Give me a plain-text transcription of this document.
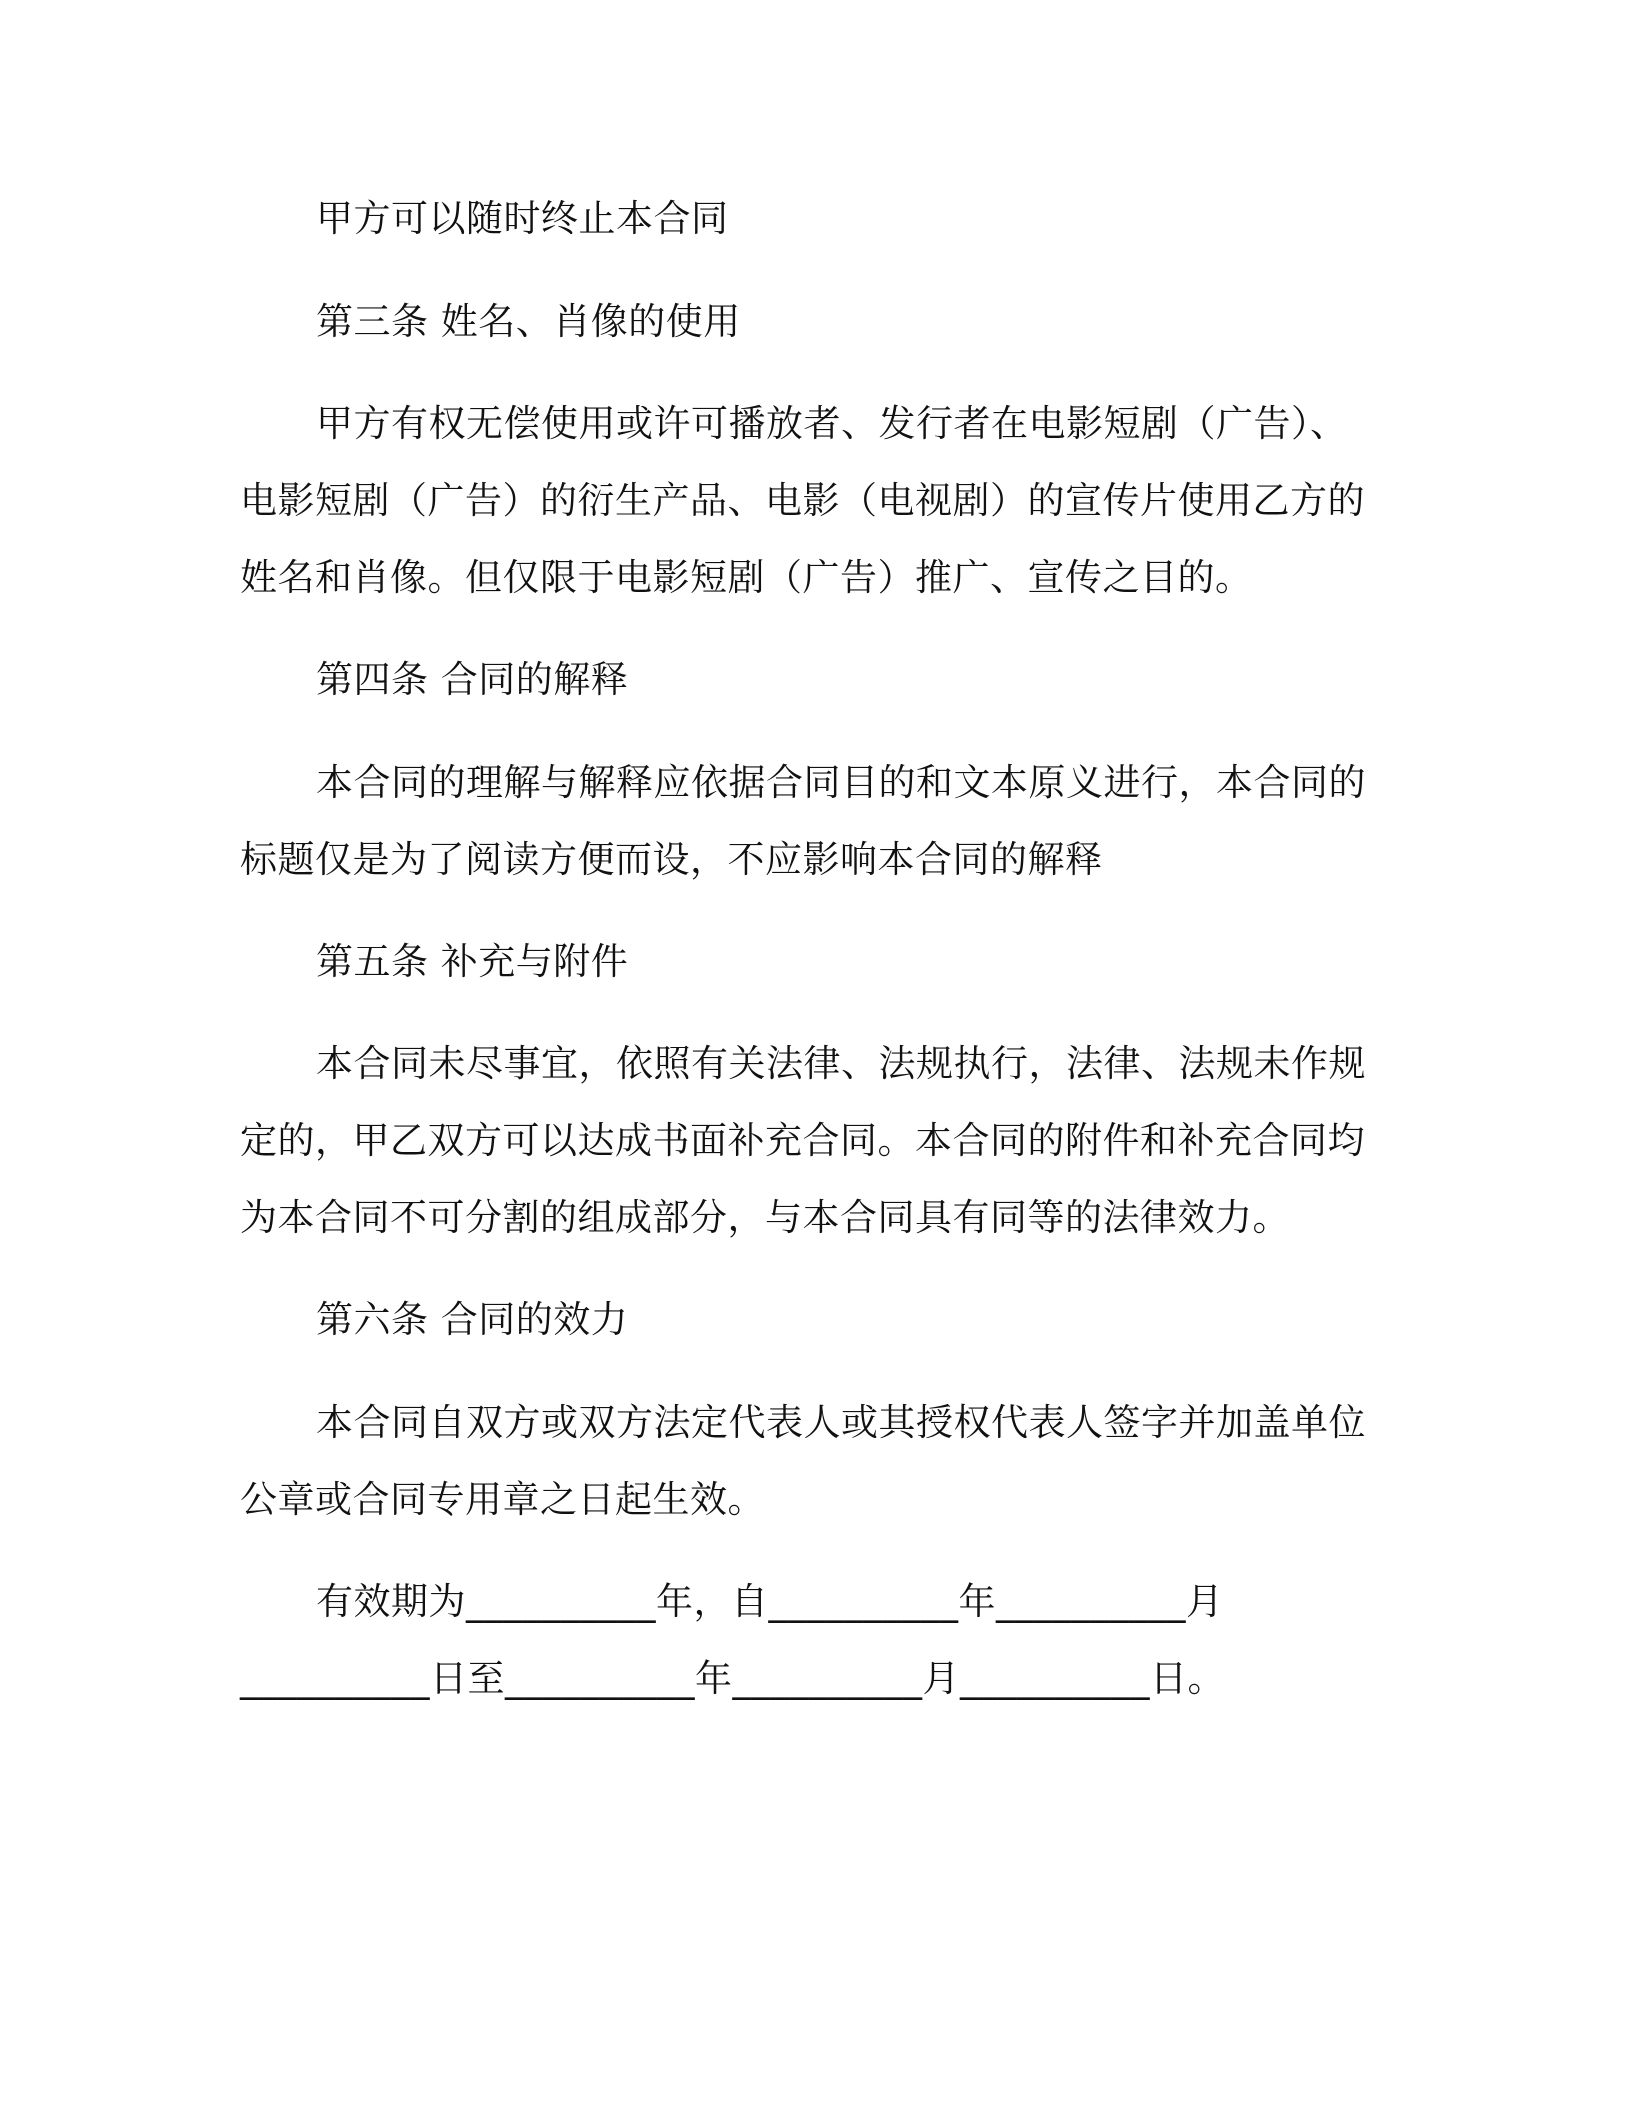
甲方可以随时终止本合同
第三条 姓名、肖像的使用
甲方有权无偿使用或许可播放者、发行者在电影短剧（广告）、
电影短剧（广告）的衍生产品、电影（电视剧）的宣传片使用乙方的
姓名和肖像。但仅限于电影短剧（广告）推广、宣传之目的。
第四条 合同的解释
本合同的理解与解释应依据合同目的和文本原义进行，本合同的
标题仅是为了阅读方便而设，不应影响本合同的解释
第五条 补充与附件
本合同未尽事宜，依照有关法律、法规执行，法律、法规未作规
定的，甲乙双方可以达成书面补充合同。本合同的附件和补充合同均
为本合同不可分割的组成部分，与本合同具有同等的法律效力。
第六条 合同的效力
本合同自双方或双方法定代表人或其授权代表人签字并加盖单位
公章或合同专用章之日起生效。
有效期为__________年，自__________年__________月
__________日至__________年__________月__________日。
